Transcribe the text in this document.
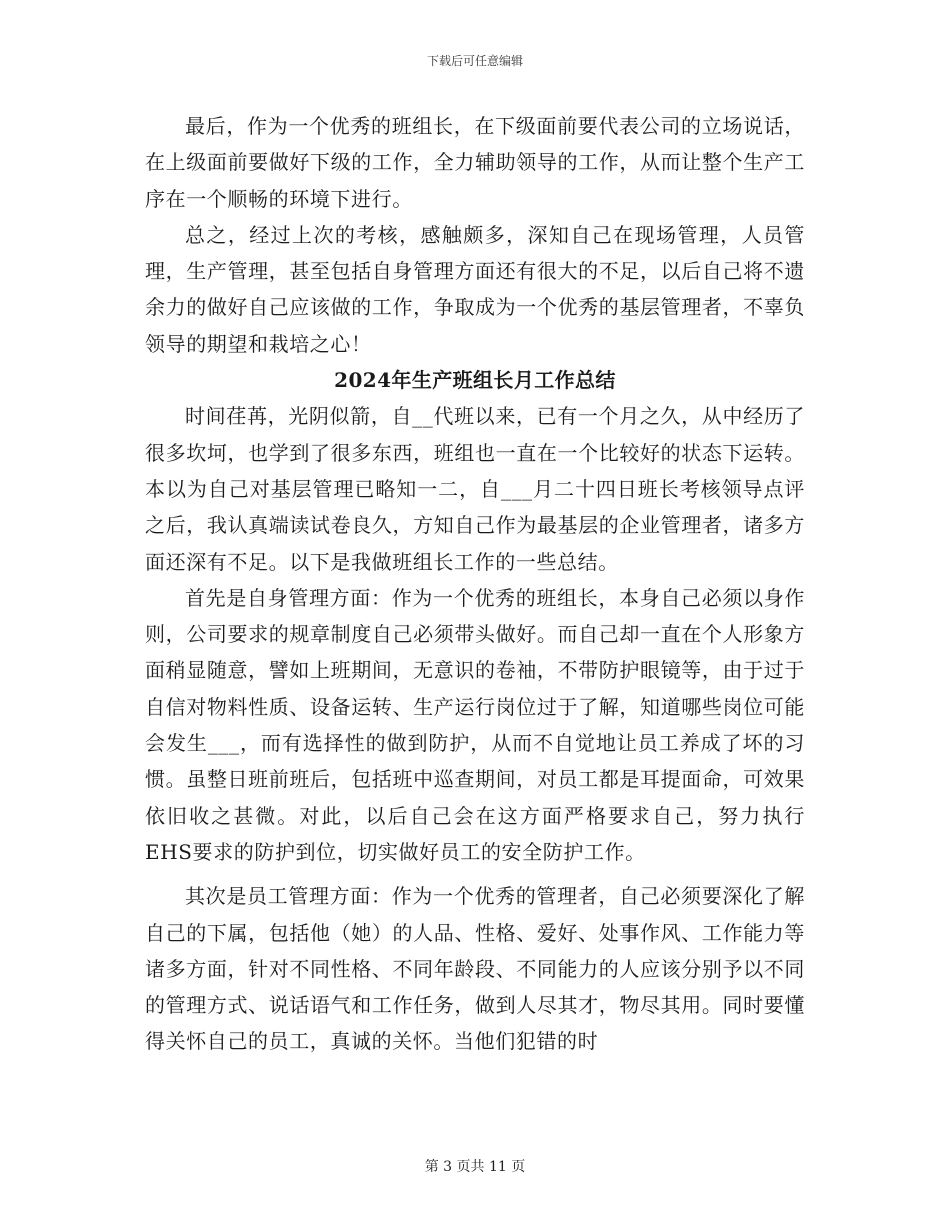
下载后可任意编辑

最后，作为一个优秀的班组长，在下级面前要代表公司的立场说话，在上级面前要做好下级的工作，全力辅助领导的工作，从而让整个生产工序在一个顺畅的环境下进行。

总之，经过上次的考核，感触颇多，深知自己在现场管理，人员管理，生产管理，甚至包括自身管理方面还有很大的不足，以后自己将不遗余力的做好自己应该做的工作，争取成为一个优秀的基层管理者，不辜负领导的期望和栽培之心！

2024年生产班组长月工作总结

时间荏苒，光阴似箭，自__代班以来，已有一个月之久，从中经历了很多坎坷，也学到了很多东西，班组也一直在一个比较好的状态下运转。本以为自己对基层管理已略知一二，自___月二十四日班长考核领导点评之后，我认真端读试卷良久，方知自己作为最基层的企业管理者，诸多方面还深有不足。以下是我做班组长工作的一些总结。

首先是自身管理方面：作为一个优秀的班组长，本身自己必须以身作则，公司要求的规章制度自己必须带头做好。而自己却一直在个人形象方面稍显随意，譬如上班期间，无意识的卷袖，不带防护眼镜等，由于过于自信对物料性质、设备运转、生产运行岗位过于了解，知道哪些岗位可能会发生___，而有选择性的做到防护，从而不自觉地让员工养成了坏的习惯。虽整日班前班后，包括班中巡查期间，对员工都是耳提面命，可效果依旧收之甚微。对此，以后自己会在这方面严格要求自己，努力执行EHS要求的防护到位，切实做好员工的安全防护工作。

其次是员工管理方面：作为一个优秀的管理者，自己必须要深化了解自己的下属，包括他（她）的人品、性格、爱好、处事作风、工作能力等诸多方面，针对不同性格、不同年龄段、不同能力的人应该分别予以不同的管理方式、说话语气和工作任务，做到人尽其才，物尽其用。同时要懂得关怀自己的员工，真诚的关怀。当他们犯错的时

第 3 页共 11 页
